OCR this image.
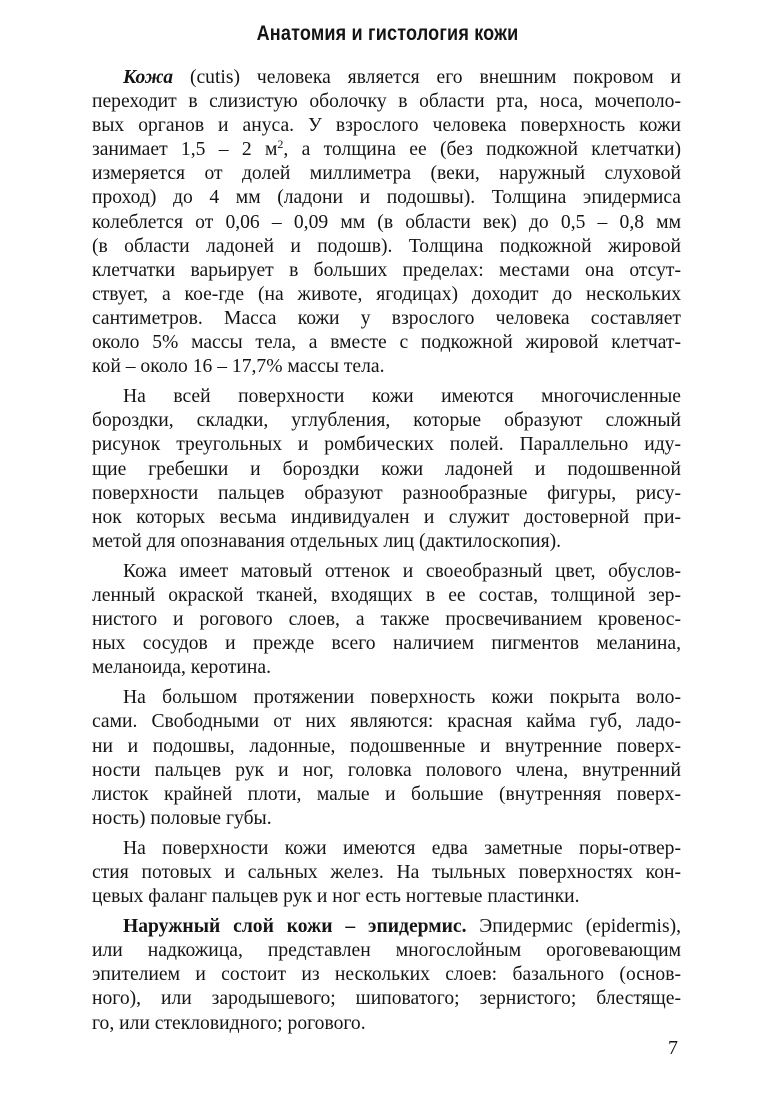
Анатомия и гистология кожи
Кожа (cutis) человека является его внешним покровом и
переходит в слизистую оболочку в области рта, носа, мочеполо-
вых органов и ануса. У взрослого человека поверхность кожи
занимает 1,5 – 2 $м^2$, а толщина ее (без подкожной клетчатки)
измеряется от долей миллиметра (веки, наружный слуховой
проход) до 4 мм (ладони и подошвы). Толщина эпидермиса
колеблется от 0,06 – 0,09 мм (в области век) до 0,5 – 0,8 мм
(в области ладоней и подошв). Толщина подкожной жировой
клетчатки варьирует в больших пределах: местами она отсут-
ствует, а кое-где (на животе, ягодицах) доходит до нескольких
сантиметров. Масса кожи у взрослого человека составляет
около 5% массы тела, а вместе с подкожной жировой клетчат-
кой – около 16 – 17,7% массы тела.
На всей поверхности кожи имеются многочисленные
бороздки, складки, углубления, которые образуют сложный
рисунок треугольных и ромбических полей. Параллельно иду-
щие гребешки и бороздки кожи ладоней и подошвенной
поверхности пальцев образуют разнообразные фигуры, рису-
нок которых весьма индивидуален и служит достоверной при-
метой для опознавания отдельных лиц (дактилоскопия).
Кожа имеет матовый оттенок и своеобразный цвет, обуслов-
ленный окраской тканей, входящих в ее состав, толщиной зер-
нистого и рогового слоев, а также просвечиванием кровенос-
ных сосудов и прежде всего наличием пигментов меланина,
меланоида, керотина.
На большом протяжении поверхность кожи покрыта воло-
сами. Свободными от них являются: красная кайма губ, ладо-
ни и подошвы, ладонные, подошвенные и внутренние поверх-
ности пальцев рук и ног, головка полового члена, внутренний
листок крайней плоти, малые и большие (внутренняя поверх-
ность) половые губы.
На поверхности кожи имеются едва заметные поры-отвер-
стия потовых и сальных желез. На тыльных поверхностях кон-
цевых фаланг пальцев рук и ног есть ногтевые пластинки.
Наружный слой кожи – эпидермис. Эпидермис (epidermis),
или надкожица, представлен многослойным ороговевающим
эпителием и состоит из нескольких слоев: базального (основ-
ного), или зародышевого; шиповатого; зернистого; блестяще-
го, или стекловидного; рогового.
7
